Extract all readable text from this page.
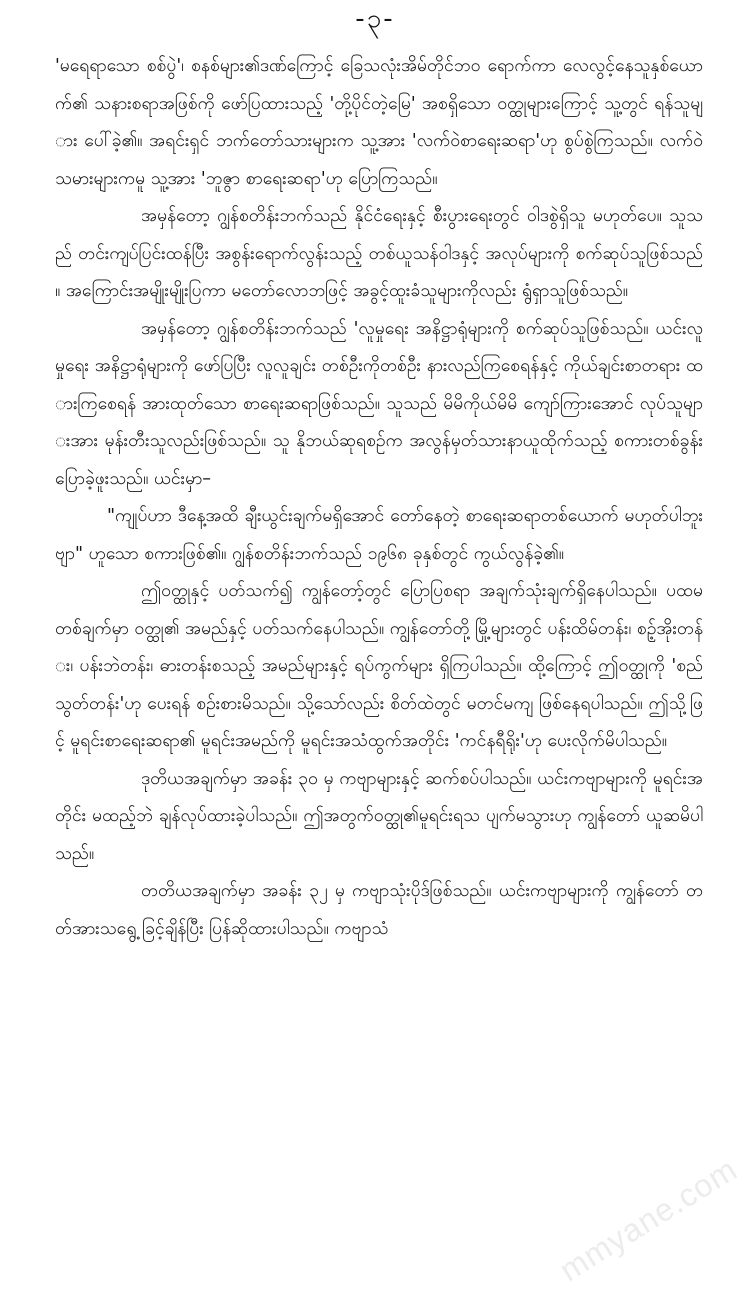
-၃-

'မရေရာသော စစ်ပွဲ'၊ စနစ်များ၏ဒဏ်ကြောင့် ခြေသလုံးအိမ်တိုင်ဘဝ ရောက်ကာ လေလွင့်နေသူနှစ်ယောက်၏ သနားစရာအဖြစ်ကို ဖော်ပြထားသည့် 'တို့ပိုင်တဲ့မြေ' အစရှိသော ဝတ္ထုများကြောင့် သူ့တွင် ရန်သူများ ပေါ်ခဲ့၏။ အရင်းရှင် ဘက်တော်သားများက သူ့အား 'လက်ဝဲစာရေးဆရာ'ဟု စွပ်စွဲကြသည်။ လက်ဝဲသမားများကမူ သူ့အား 'ဘူဇွာ စာရေးဆရာ'ဟု ပြောကြသည်။

အမှန်တော့ ဂျွန်စတိန်းဘက်သည် နိုင်ငံရေးနှင့် စီးပွားရေးတွင် ဝါဒစွဲရှိသူ မဟုတ်ပေ။ သူသည် တင်းကျပ်ပြင်းထန်ပြီး အစွန်းရောက်လွန်းသည့် တစ်ယူသန်ဝါဒနှင့် အလုပ်များကို စက်ဆုပ်သူဖြစ်သည်။ အကြောင်းအမျိုးမျိုးပြကာ မတော်လောဘဖြင့် အခွင့်ထူးခံသူများကိုလည်း ရွံရှာသူဖြစ်သည်။

အမှန်တော့ ဂျွန်စတိန်းဘက်သည် 'လူမှုရေး အနိဋ္ဌာရုံများကို စက်ဆုပ်သူဖြစ်သည်။ ယင်းလူမှုရေး အနိဋ္ဌာရုံများကို ဖော်ပြပြီး လူလူချင်း တစ်ဦးကိုတစ်ဦး နားလည်ကြစေရန်နှင့် ကိုယ်ချင်းစာတရား ထားကြစေရန် အားထုတ်သော စာရေးဆရာဖြစ်သည်။ သူသည် မိမိကိုယ်မိမိ ကျော်ကြားအောင် လုပ်သူများအား မုန်းတီးသူလည်းဖြစ်သည်။ သူ နိုဘယ်ဆုရစဉ်က အလွန်မှတ်သားနာယူထိုက်သည့် စကားတစ်ခွန်း ပြောခဲ့ဖူးသည်။ ယင်းမှာ–

"ကျုပ်ဟာ ဒီနေ့အထိ ချီးယွင်းချက်မရှိအောင် တော်နေတဲ့ စာရေးဆရာတစ်ယောက် မဟုတ်ပါဘူးဗျာ" ဟူသော စကားဖြစ်၏။ ဂျွန်စတိန်းဘက်သည် ၁၉၆၈ ခုနှစ်တွင် ကွယ်လွန်ခဲ့၏။

ဤဝတ္ထုနှင့် ပတ်သက်၍ ကျွန်တော့်တွင် ပြောပြစရာ အချက်သုံးချက်ရှိနေပါသည်။ ပထမ တစ်ချက်မှာ ဝတ္ထု၏ အမည်နှင့် ပတ်သက်နေပါသည်။ ကျွန်တော်တို့ မြို့များတွင် ပန်းထိမ်တန်း၊ စဉ့်အိုးတန်း၊ ပန်းဘဲတန်း၊ ဓားတန်းစသည့် အမည်များနှင့် ရပ်ကွက်များ ရှိကြပါသည်။ ထို့ကြောင့် ဤဝတ္ထုကို 'စည်သွတ်တန်း'ဟု ပေးရန် စဉ်းစားမိသည်။ သို့သော်လည်း စိတ်ထဲတွင် မတင်မကျ ဖြစ်နေရပါသည်။ ဤသို့ဖြင့် မူရင်းစာရေးဆရာ၏ မူရင်းအမည်ကို မူရင်းအသံထွက်အတိုင်း 'ကင်နရီရိုး'ဟု ပေးလိုက်မိပါသည်။

ဒုတိယအချက်မှာ အခန်း ၃၀ မှ ကဗျာများနှင့် ဆက်စပ်ပါသည်။ ယင်းကဗျာများကို မူရင်းအတိုင်း မထည့်ဘဲ ချန်လုပ်ထားခဲ့ပါသည်။ ဤအတွက်ဝတ္ထု၏မူရင်းရသ ပျက်မသွားဟု ကျွန်တော် ယူဆမိပါသည်။

တတိယအချက်မှာ အခန်း ၃၂ မှ ကဗျာသုံးပိုဒ်ဖြစ်သည်။ ယင်းကဗျာများကို ကျွန်တော် တတ်အားသရွေ့ ခြင့်ချိန်ပြီး ပြန်ဆိုထားပါသည်။ ကဗျာသံ

mmyane.com
